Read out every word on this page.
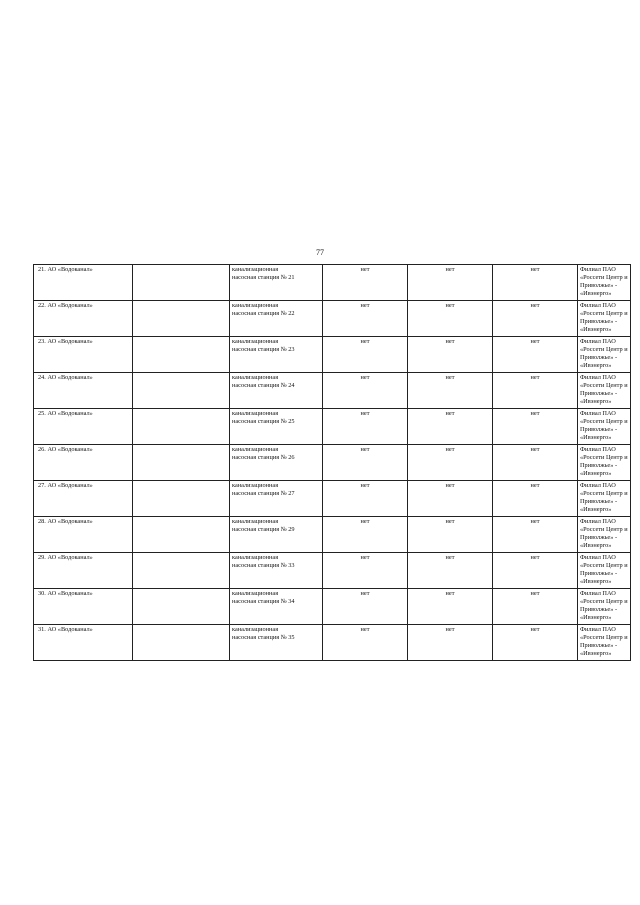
77
21. АО «Водоканал»		канализационная
насосная станция № 21	нет	нет	нет	Филиал ПАО
«Россети Центр и
Приволжье» -
«Ивэнерго»

22. АО «Водоканал»		канализационная
насосная станция № 22	нет	нет	нет	Филиал ПАО
«Россети Центр и
Приволжье» -
«Ивэнерго»

23. АО «Водоканал»		канализационная
насосная станция № 23	нет	нет	нет	Филиал ПАО
«Россети Центр и
Приволжье» -
«Ивэнерго»

24. АО «Водоканал»		канализационная
насосная станция № 24	нет	нет	нет	Филиал ПАО
«Россети Центр и
Приволжье» -
«Ивэнерго»

25. АО «Водоканал»		канализационная
насосная станция № 25	нет	нет	нет	Филиал ПАО
«Россети Центр и
Приволжье» -
«Ивэнерго»

26. АО «Водоканал»		канализационная
насосная станция № 26	нет	нет	нет	Филиал ПАО
«Россети Центр и
Приволжье» -
«Ивэнерго»

27. АО «Водоканал»		канализационная
насосная станция № 27	нет	нет	нет	Филиал ПАО
«Россети Центр и
Приволжье» -
«Ивэнерго»

28. АО «Водоканал»		канализационная
насосная станция № 29	нет	нет	нет	Филиал ПАО
«Россети Центр и
Приволжье» -
«Ивэнерго»

29. АО «Водоканал»		канализационная
насосная станция № 33	нет	нет	нет	Филиал ПАО
«Россети Центр и
Приволжье» -
«Ивэнерго»

30. АО «Водоканал»		канализационная
насосная станция № 34	нет	нет	нет	Филиал ПАО
«Россети Центр и
Приволжье» -
«Ивэнерго»

31. АО «Водоканал»		канализационная
насосная станция № 35	нет	нет	нет	Филиал ПАО
«Россети Центр и
Приволжье» -
«Ивэнерго»
